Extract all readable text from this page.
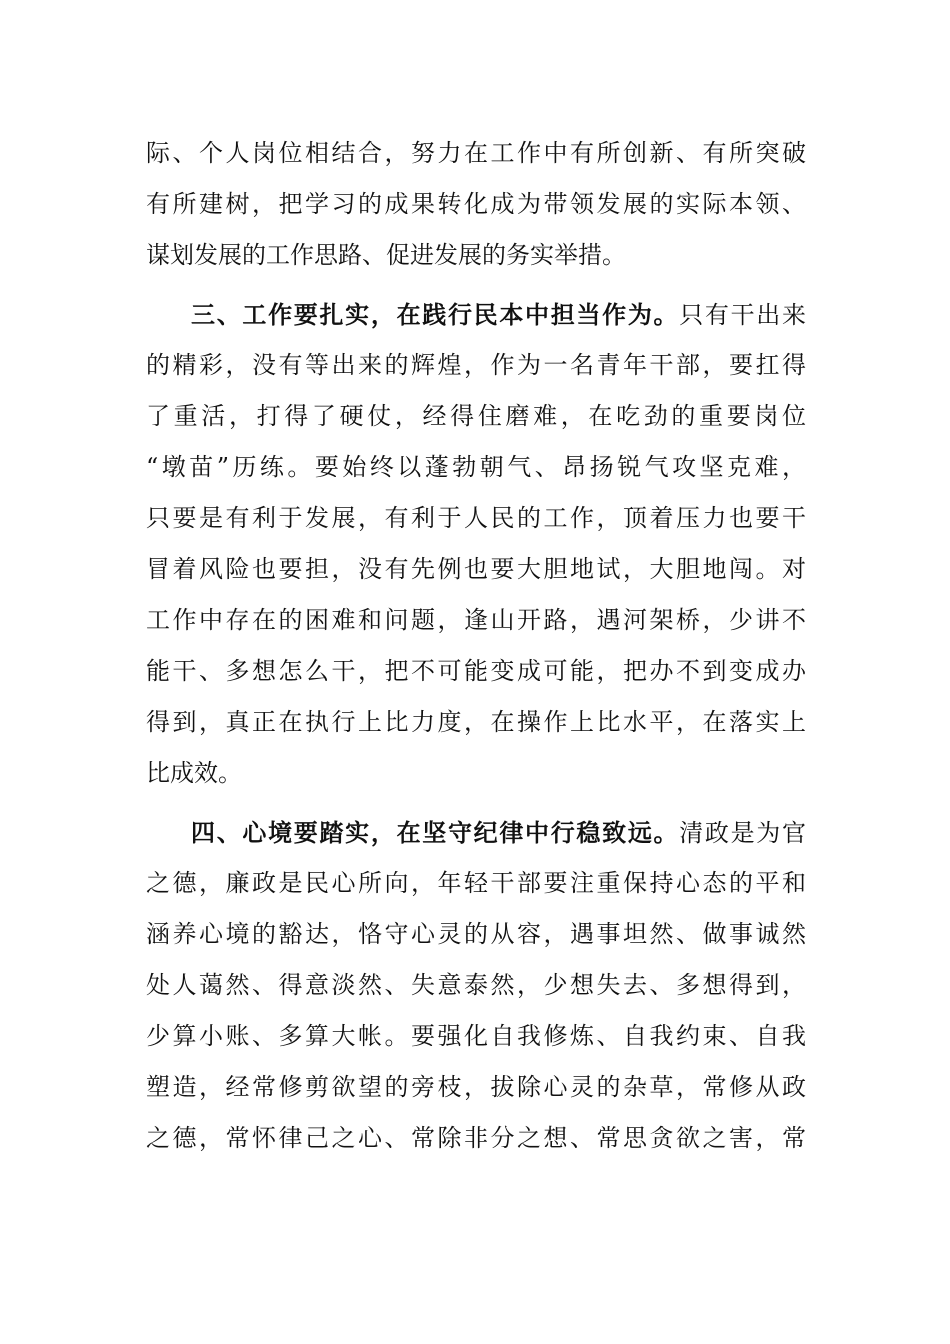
际、个人岗位相结合，努力在工作中有所创新、有所突破
有所建树，把学习的成果转化成为带领发展的实际本领、
谋划发展的工作思路、促进发展的务实举措。
三、工作要扎实，在践行民本中担当作为。只有干出来
的精彩，没有等出来的辉煌，作为一名青年干部，要扛得
了重活，打得了硬仗，经得住磨难，在吃劲的重要岗位
“墩苗”历练。要始终以蓬勃朝气、昂扬锐气攻坚克难，
只要是有利于发展，有利于人民的工作，顶着压力也要干
冒着风险也要担，没有先例也要大胆地试，大胆地闯。对
工作中存在的困难和问题，逢山开路，遇河架桥，少讲不
能干、多想怎么干，把不可能变成可能，把办不到变成办
得到，真正在执行上比力度，在操作上比水平，在落实上
比成效。
四、心境要踏实，在坚守纪律中行稳致远。清政是为官
之德，廉政是民心所向，年轻干部要注重保持心态的平和
涵养心境的豁达，恪守心灵的从容，遇事坦然、做事诚然
处人蔼然、得意淡然、失意泰然，少想失去、多想得到，
少算小账、多算大帐。要强化自我修炼、自我约束、自我
塑造，经常修剪欲望的旁枝，拔除心灵的杂草，常修从政
之德，常怀律己之心、常除非分之想、常思贪欲之害，常
